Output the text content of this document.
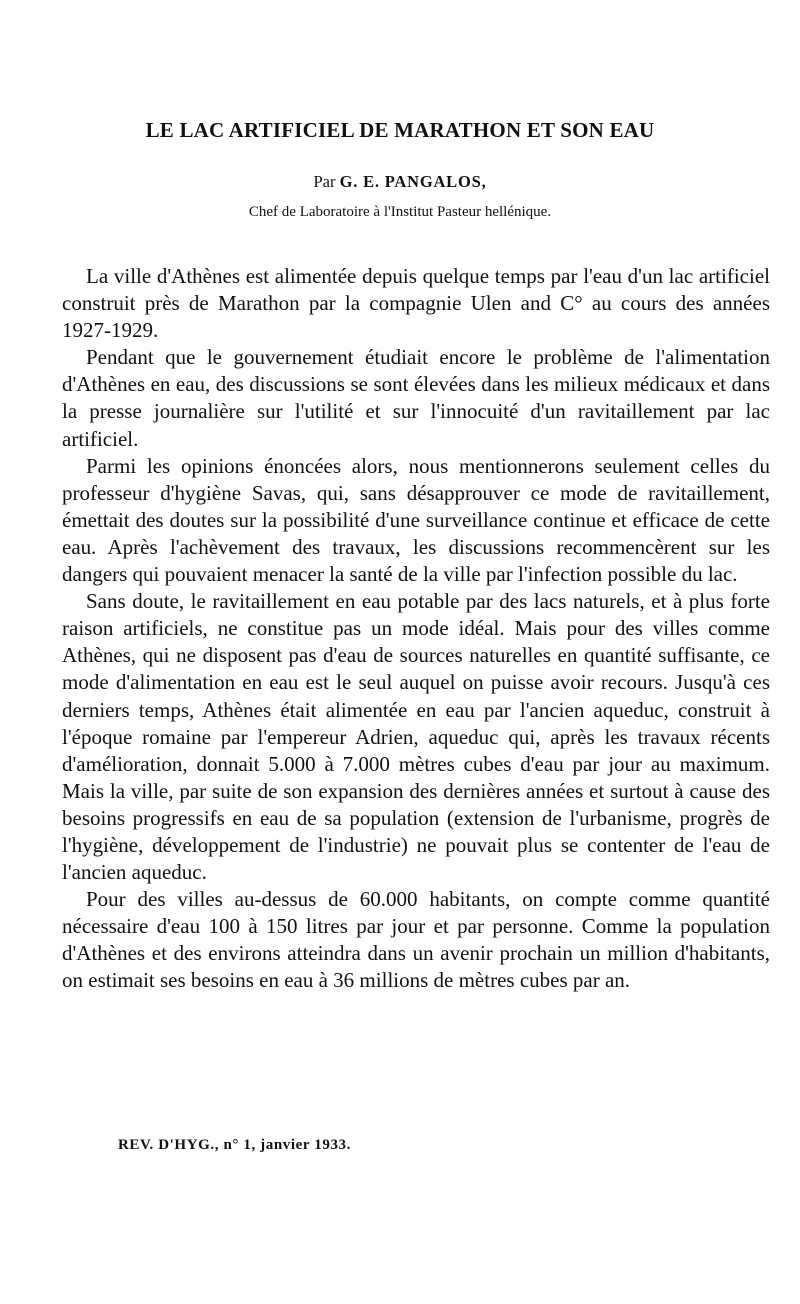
LE LAC ARTIFICIEL DE MARATHON ET SON EAU

Par G. E. PANGALOS,

Chef de Laboratoire à l'Institut Pasteur hellénique.

La ville d'Athènes est alimentée depuis quelque temps par l'eau d'un lac artificiel construit près de Marathon par la compagnie Ulen and C° au cours des années 1927-1929.

Pendant que le gouvernement étudiait encore le problème de l'alimentation d'Athènes en eau, des discussions se sont élevées dans les milieux médicaux et dans la presse journalière sur l'utilité et sur l'innocuité d'un ravitaillement par lac artificiel.

Parmi les opinions énoncées alors, nous mentionnerons seulement celles du professeur d'hygiène Savas, qui, sans désapprouver ce mode de ravitaillement, émettait des doutes sur la possibilité d'une surveillance continue et efficace de cette eau. Après l'achèvement des travaux, les discussions recommencèrent sur les dangers qui pouvaient menacer la santé de la ville par l'infection possible du lac.

Sans doute, le ravitaillement en eau potable par des lacs naturels, et à plus forte raison artificiels, ne constitue pas un mode idéal. Mais pour des villes comme Athènes, qui ne disposent pas d'eau de sources naturelles en quantité suffisante, ce mode d'alimentation en eau est le seul auquel on puisse avoir recours. Jusqu'à ces derniers temps, Athènes était alimentée en eau par l'ancien aqueduc, construit à l'époque romaine par l'empereur Adrien, aqueduc qui, après les travaux récents d'amélioration, donnait 5.000 à 7.000 mètres cubes d'eau par jour au maximum. Mais la ville, par suite de son expansion des dernières années et surtout à cause des besoins progressifs en eau de sa population (extension de l'urbanisme, progrès de l'hygiène, développement de l'industrie) ne pouvait plus se contenter de l'eau de l'ancien aqueduc.

Pour des villes au-dessus de 60.000 habitants, on compte comme quantité nécessaire d'eau 100 à 150 litres par jour et par personne. Comme la population d'Athènes et des environs atteindra dans un avenir prochain un million d'habitants, on estimait ses besoins en eau à 36 millions de mètres cubes par an.

REV. D'HYG., n° 1, janvier 1933.
